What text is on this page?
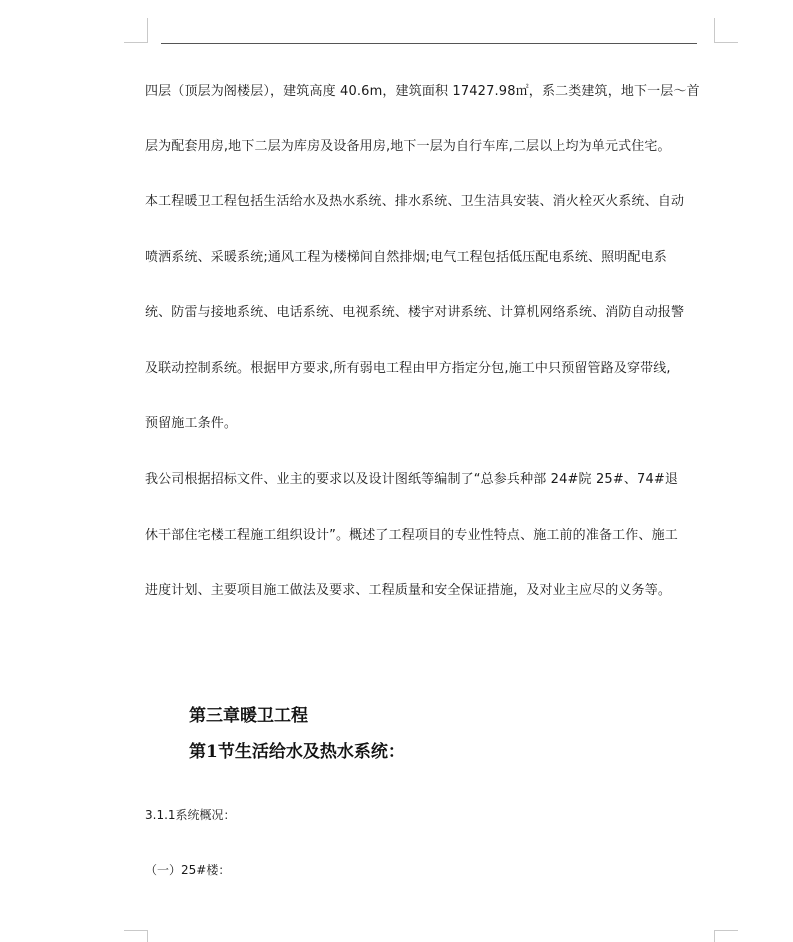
四层（顶层为阁楼层），建筑高度 40.6m，建筑面积 17427.98㎡，系二类建筑，地下一层～首
层为配套用房,地下二层为库房及设备用房,地下一层为自行车库,二层以上均为单元式住宅。
本工程暖卫工程包括生活给水及热水系统、排水系统、卫生洁具安装、消火栓灭火系统、自动
喷洒系统、采暖系统;通风工程为楼梯间自然排烟;电气工程包括低压配电系统、照明配电系
统、防雷与接地系统、电话系统、电视系统、楼宇对讲系统、计算机网络系统、消防自动报警
及联动控制系统。根据甲方要求,所有弱电工程由甲方指定分包,施工中只预留管路及穿带线,
预留施工条件。
我公司根据招标文件、业主的要求以及设计图纸等编制了“总参兵种部 24#院 25#、74#退
休干部住宅楼工程施工组织设计”。概述了工程项目的专业性特点、施工前的准备工作、施工
进度计划、主要项目施工做法及要求、工程质量和安全保证措施，及对业主应尽的义务等。
第三章暖卫工程
第1节生活给水及热水系统：
3.1.1系统概况：
（一）25#楼：
